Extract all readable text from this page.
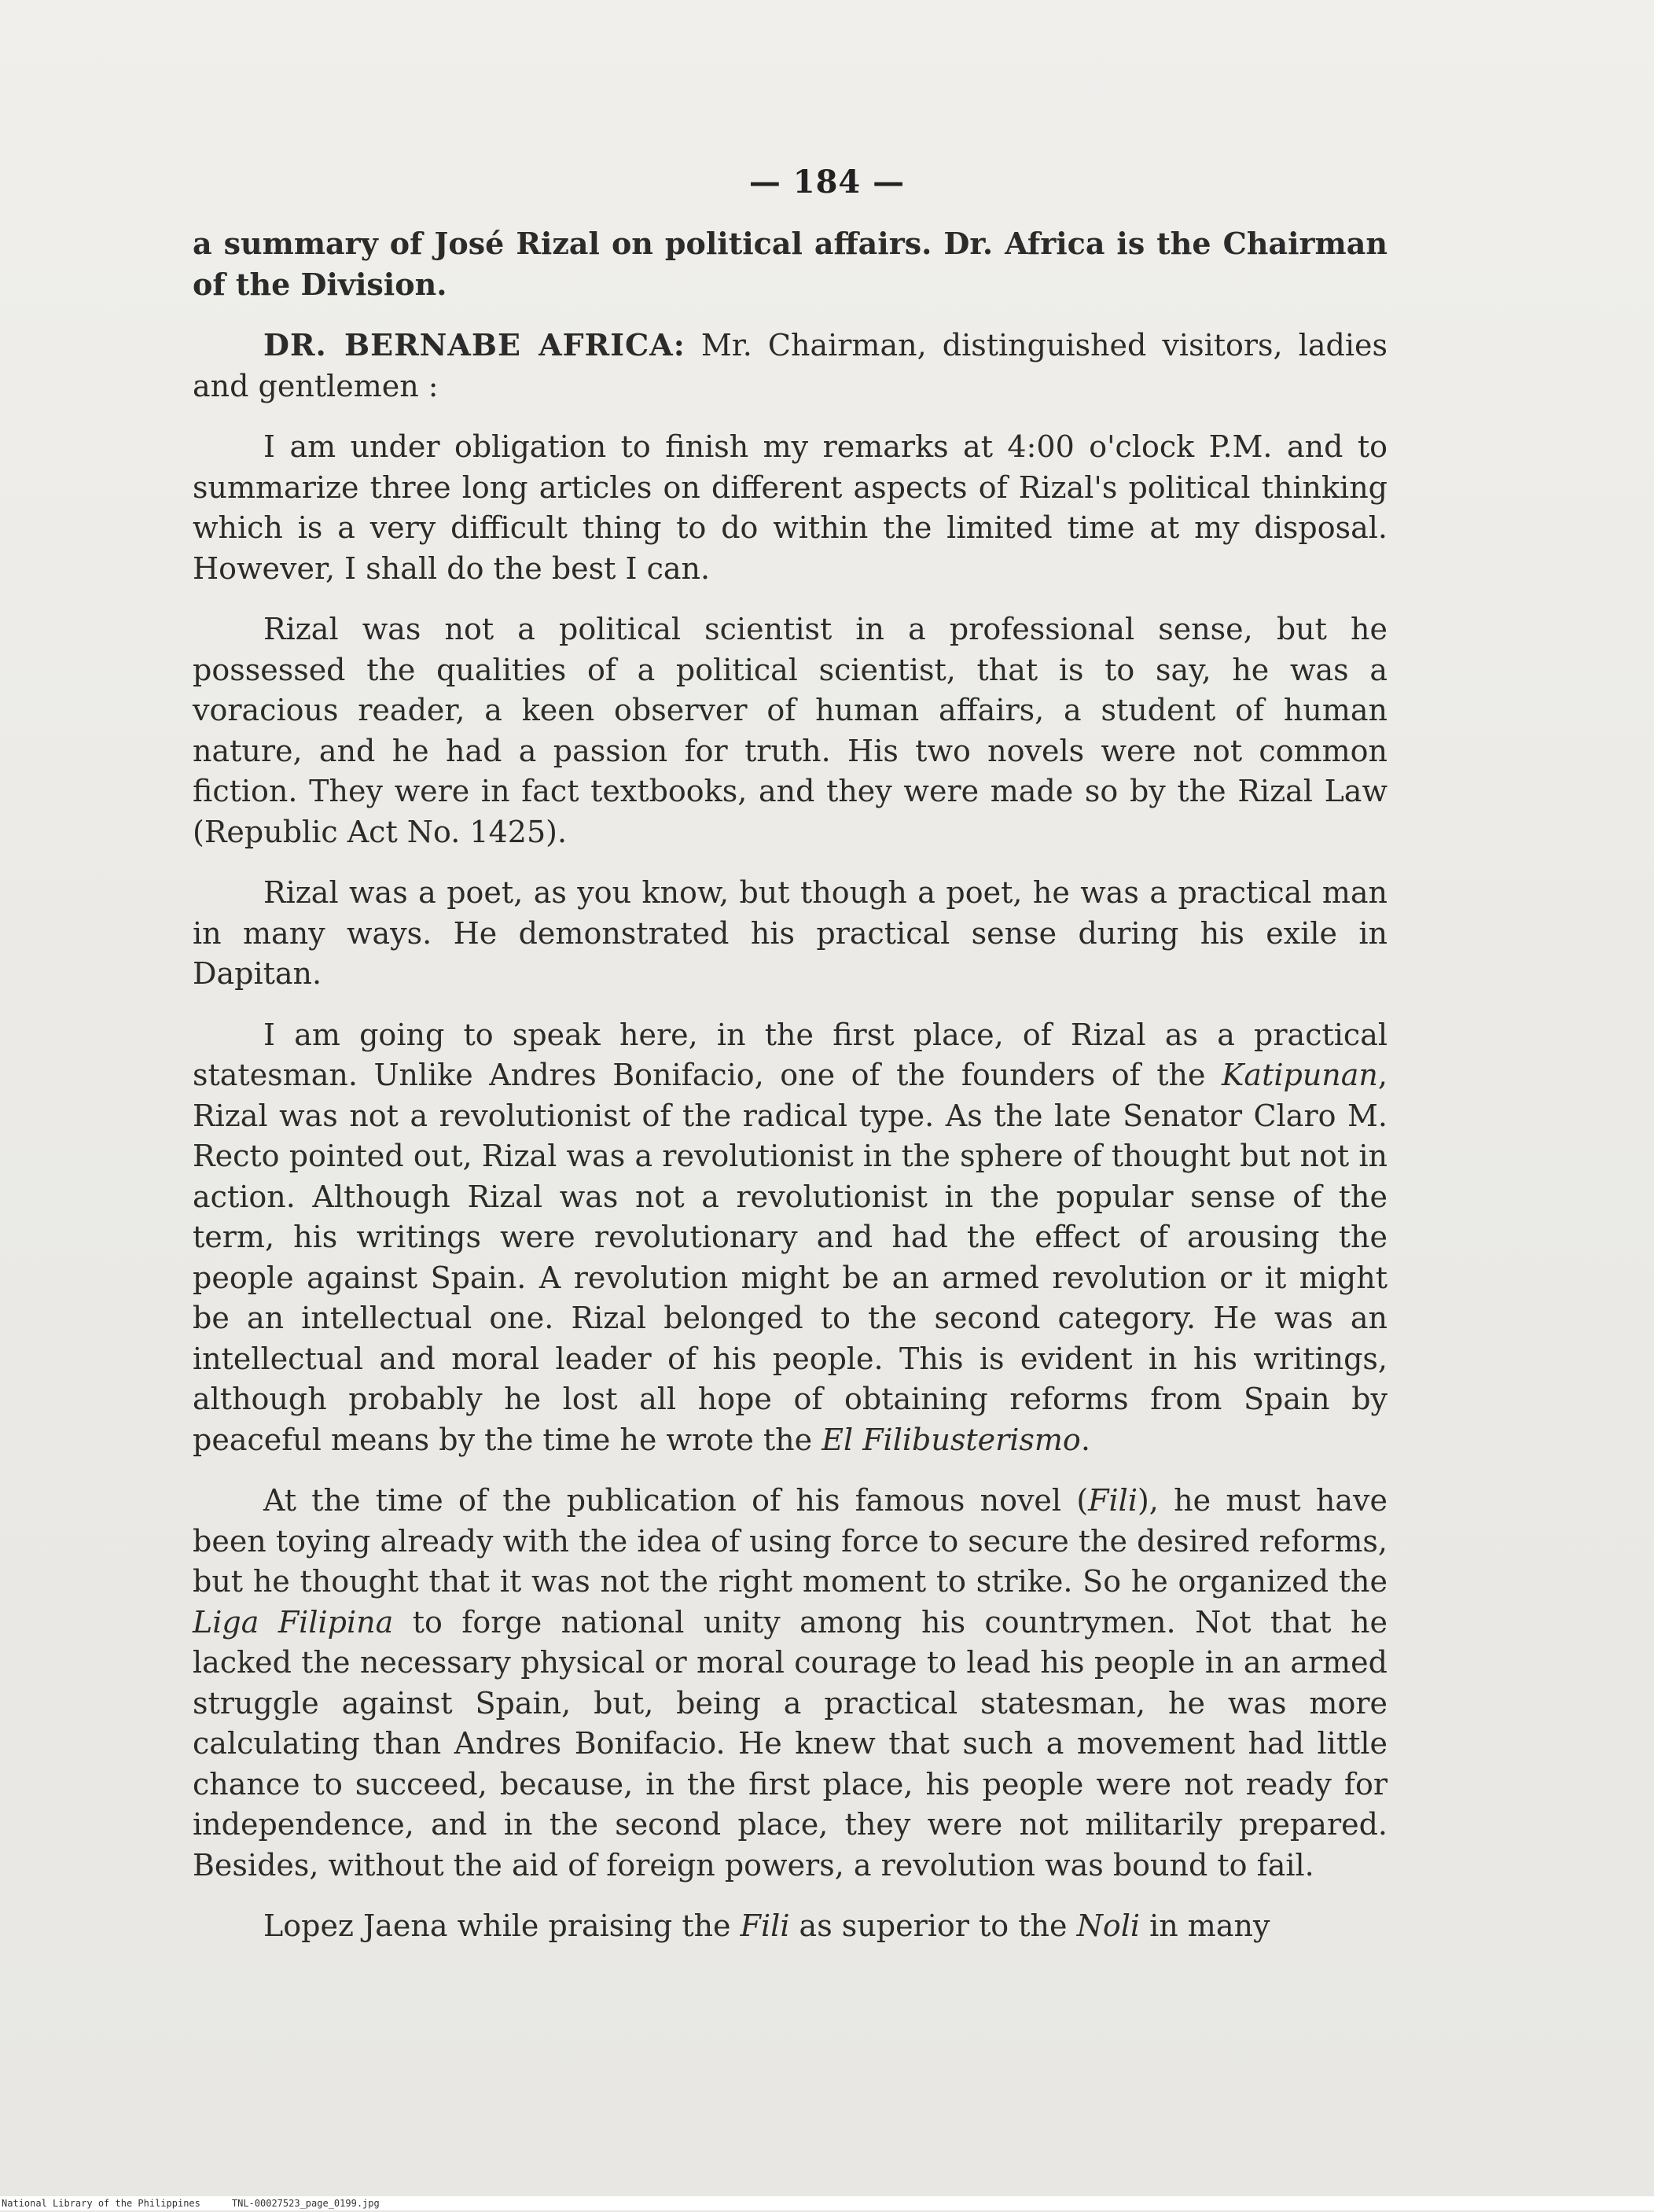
— 184 —

a summary of José Rizal on political affairs. Dr. Africa is the Chairman of the Division.

DR. BERNABE AFRICA: Mr. Chairman, distinguished visitors, ladies and gentlemen :

I am under obligation to finish my remarks at 4:00 o'clock P.M. and to summarize three long articles on different aspects of Rizal's political thinking which is a very difficult thing to do within the limited time at my disposal. However, I shall do the best I can.

Rizal was not a political scientist in a professional sense, but he possessed the qualities of a political scientist, that is to say, he was a voracious reader, a keen observer of human affairs, a student of human nature, and he had a passion for truth. His two novels were not common fiction. They were in fact textbooks, and they were made so by the Rizal Law (Republic Act No. 1425).

Rizal was a poet, as you know, but though a poet, he was a practical man in many ways. He demonstrated his practical sense during his exile in Dapitan.

I am going to speak here, in the first place, of Rizal as a practical statesman. Unlike Andres Bonifacio, one of the founders of the Katipunan, Rizal was not a revolutionist of the radical type. As the late Senator Claro M. Recto pointed out, Rizal was a revolutionist in the sphere of thought but not in action. Although Rizal was not a revolutionist in the popular sense of the term, his writings were revolutionary and had the effect of arousing the people against Spain. A revolution might be an armed revolution or it might be an intellectual one. Rizal belonged to the second category. He was an intellectual and moral leader of his people. This is evident in his writings, although probably he lost all hope of obtaining reforms from Spain by peaceful means by the time he wrote the El Filibusterismo.

At the time of the publication of his famous novel (Fili), he must have been toying already with the idea of using force to secure the desired reforms, but he thought that it was not the right moment to strike. So he organized the Liga Filipina to forge national unity among his countrymen. Not that he lacked the necessary physical or moral courage to lead his people in an armed struggle against Spain, but, being a practical statesman, he was more calculating than Andres Bonifacio. He knew that such a movement had little chance to succeed, because, in the first place, his people were not ready for independence, and in the second place, they were not militarily prepared. Besides, without the aid of foreign powers, a revolution was bound to fail.

Lopez Jaena while praising the Fili as superior to the Noli in many

National Library of the Philippines	TNL-00027523_page_0199.jpg
